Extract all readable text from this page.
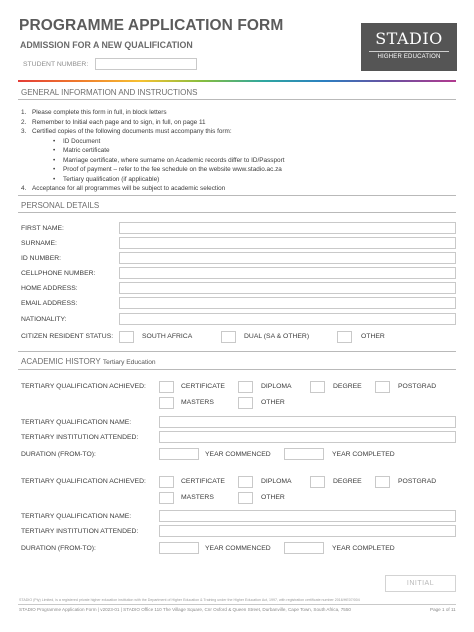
PROGRAMME APPLICATION FORM
ADMISSION FOR A NEW QUALIFICATION	STADIO
HIGHER EDUCATION
STUDENT NUMBER:
GENERAL INFORMATION AND INSTRUCTIONS
1. Please complete this form in full, in block letters
2. Remember to Initial each page and to sign, in full, on page 11
3. Certified copies of the following documents must accompany this form:
• ID Document
• Matric certificate
• Marriage certificate, where surname on Academic records differ to ID/Passport
• Proof of payment – refer to the fee schedule on the website www.stadio.ac.za
• Tertiary qualification (if applicable)
4. Acceptance for all programmes will be subject to academic selection
PERSONAL DETAILS
FIRST NAME:
SURNAME:
ID NUMBER:
CELLPHONE NUMBER:
HOME ADDRESS:
EMAIL ADDRESS:
NATIONALITY:
CITIZEN RESIDENT STATUS:	SOUTH AFRICA	DUAL (SA & OTHER)	OTHER
ACADEMIC HISTORY Tertiary Education
TERTIARY QUALIFICATION ACHIEVED:	CERTIFICATE	DIPLOMA	DEGREE	POSTGRAD
MASTERS	OTHER
TERTIARY QUALIFICATION NAME:
TERTIARY INSTITUTION ATTENDED:
DURATION (FROM-TO):	YEAR COMMENCED	YEAR COMPLETED
TERTIARY QUALIFICATION ACHIEVED:	CERTIFICATE	DIPLOMA	DEGREE	POSTGRAD
MASTERS	OTHER
TERTIARY QUALIFICATION NAME:
TERTIARY INSTITUTION ATTENDED:
DURATION (FROM-TO):	YEAR COMMENCED	YEAR COMPLETED
INITIAL
STADIO (Pty) Limited, is a registered private higher education institution with the Department of Higher Education & Training under the Higher Education Act, 1997, with registration certificate number 2016/HE07/004
STADIO Programme Application Form | v2023-01 | STADIO Office 110 The Village Square, Cnr Oxford & Queen Street, Durbanville, Cape Town, South Africa, 7550	Page 1 of 11
